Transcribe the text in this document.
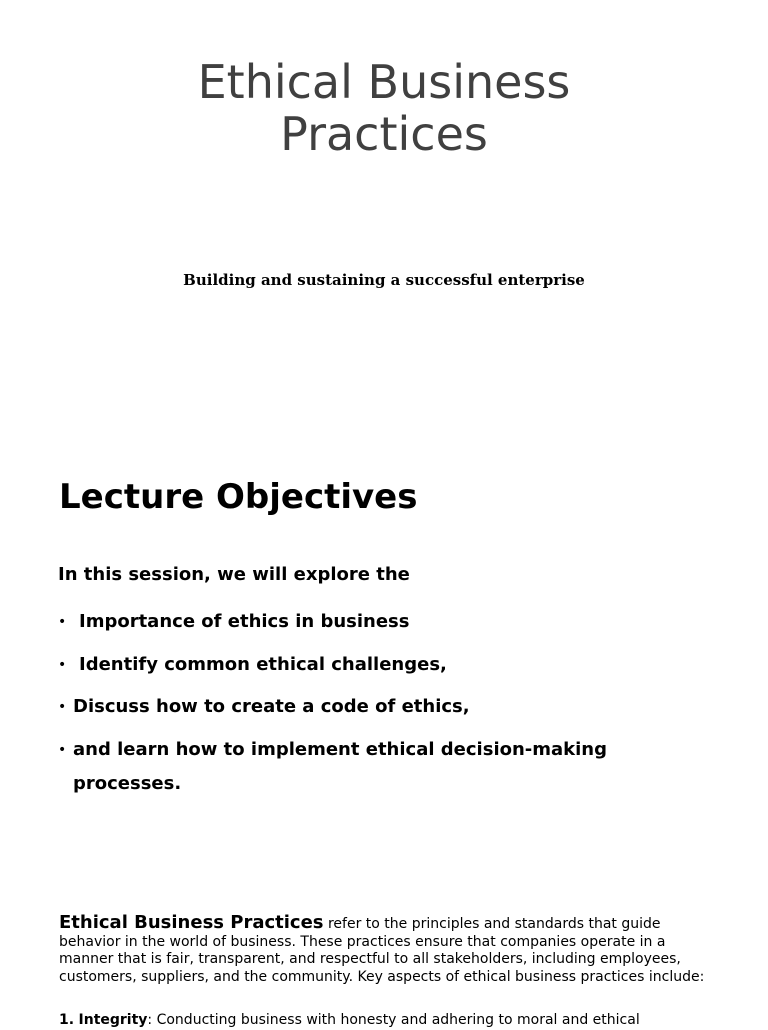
Ethical Business
Practices

Building and sustaining a successful enterprise

Lecture Objectives

In this session, we will explore the

• Importance of ethics in business
• Identify common ethical challenges,
• Discuss how to create a code of ethics,
• and learn how to implement ethical decision-making processes.

Ethical Business Practices refer to the principles and standards that guide behavior in the world of business. These practices ensure that companies operate in a manner that is fair, transparent, and respectful to all stakeholders, including employees, customers, suppliers, and the community. Key aspects of ethical business practices include:

1. Integrity: Conducting business with honesty and adhering to moral and ethical
